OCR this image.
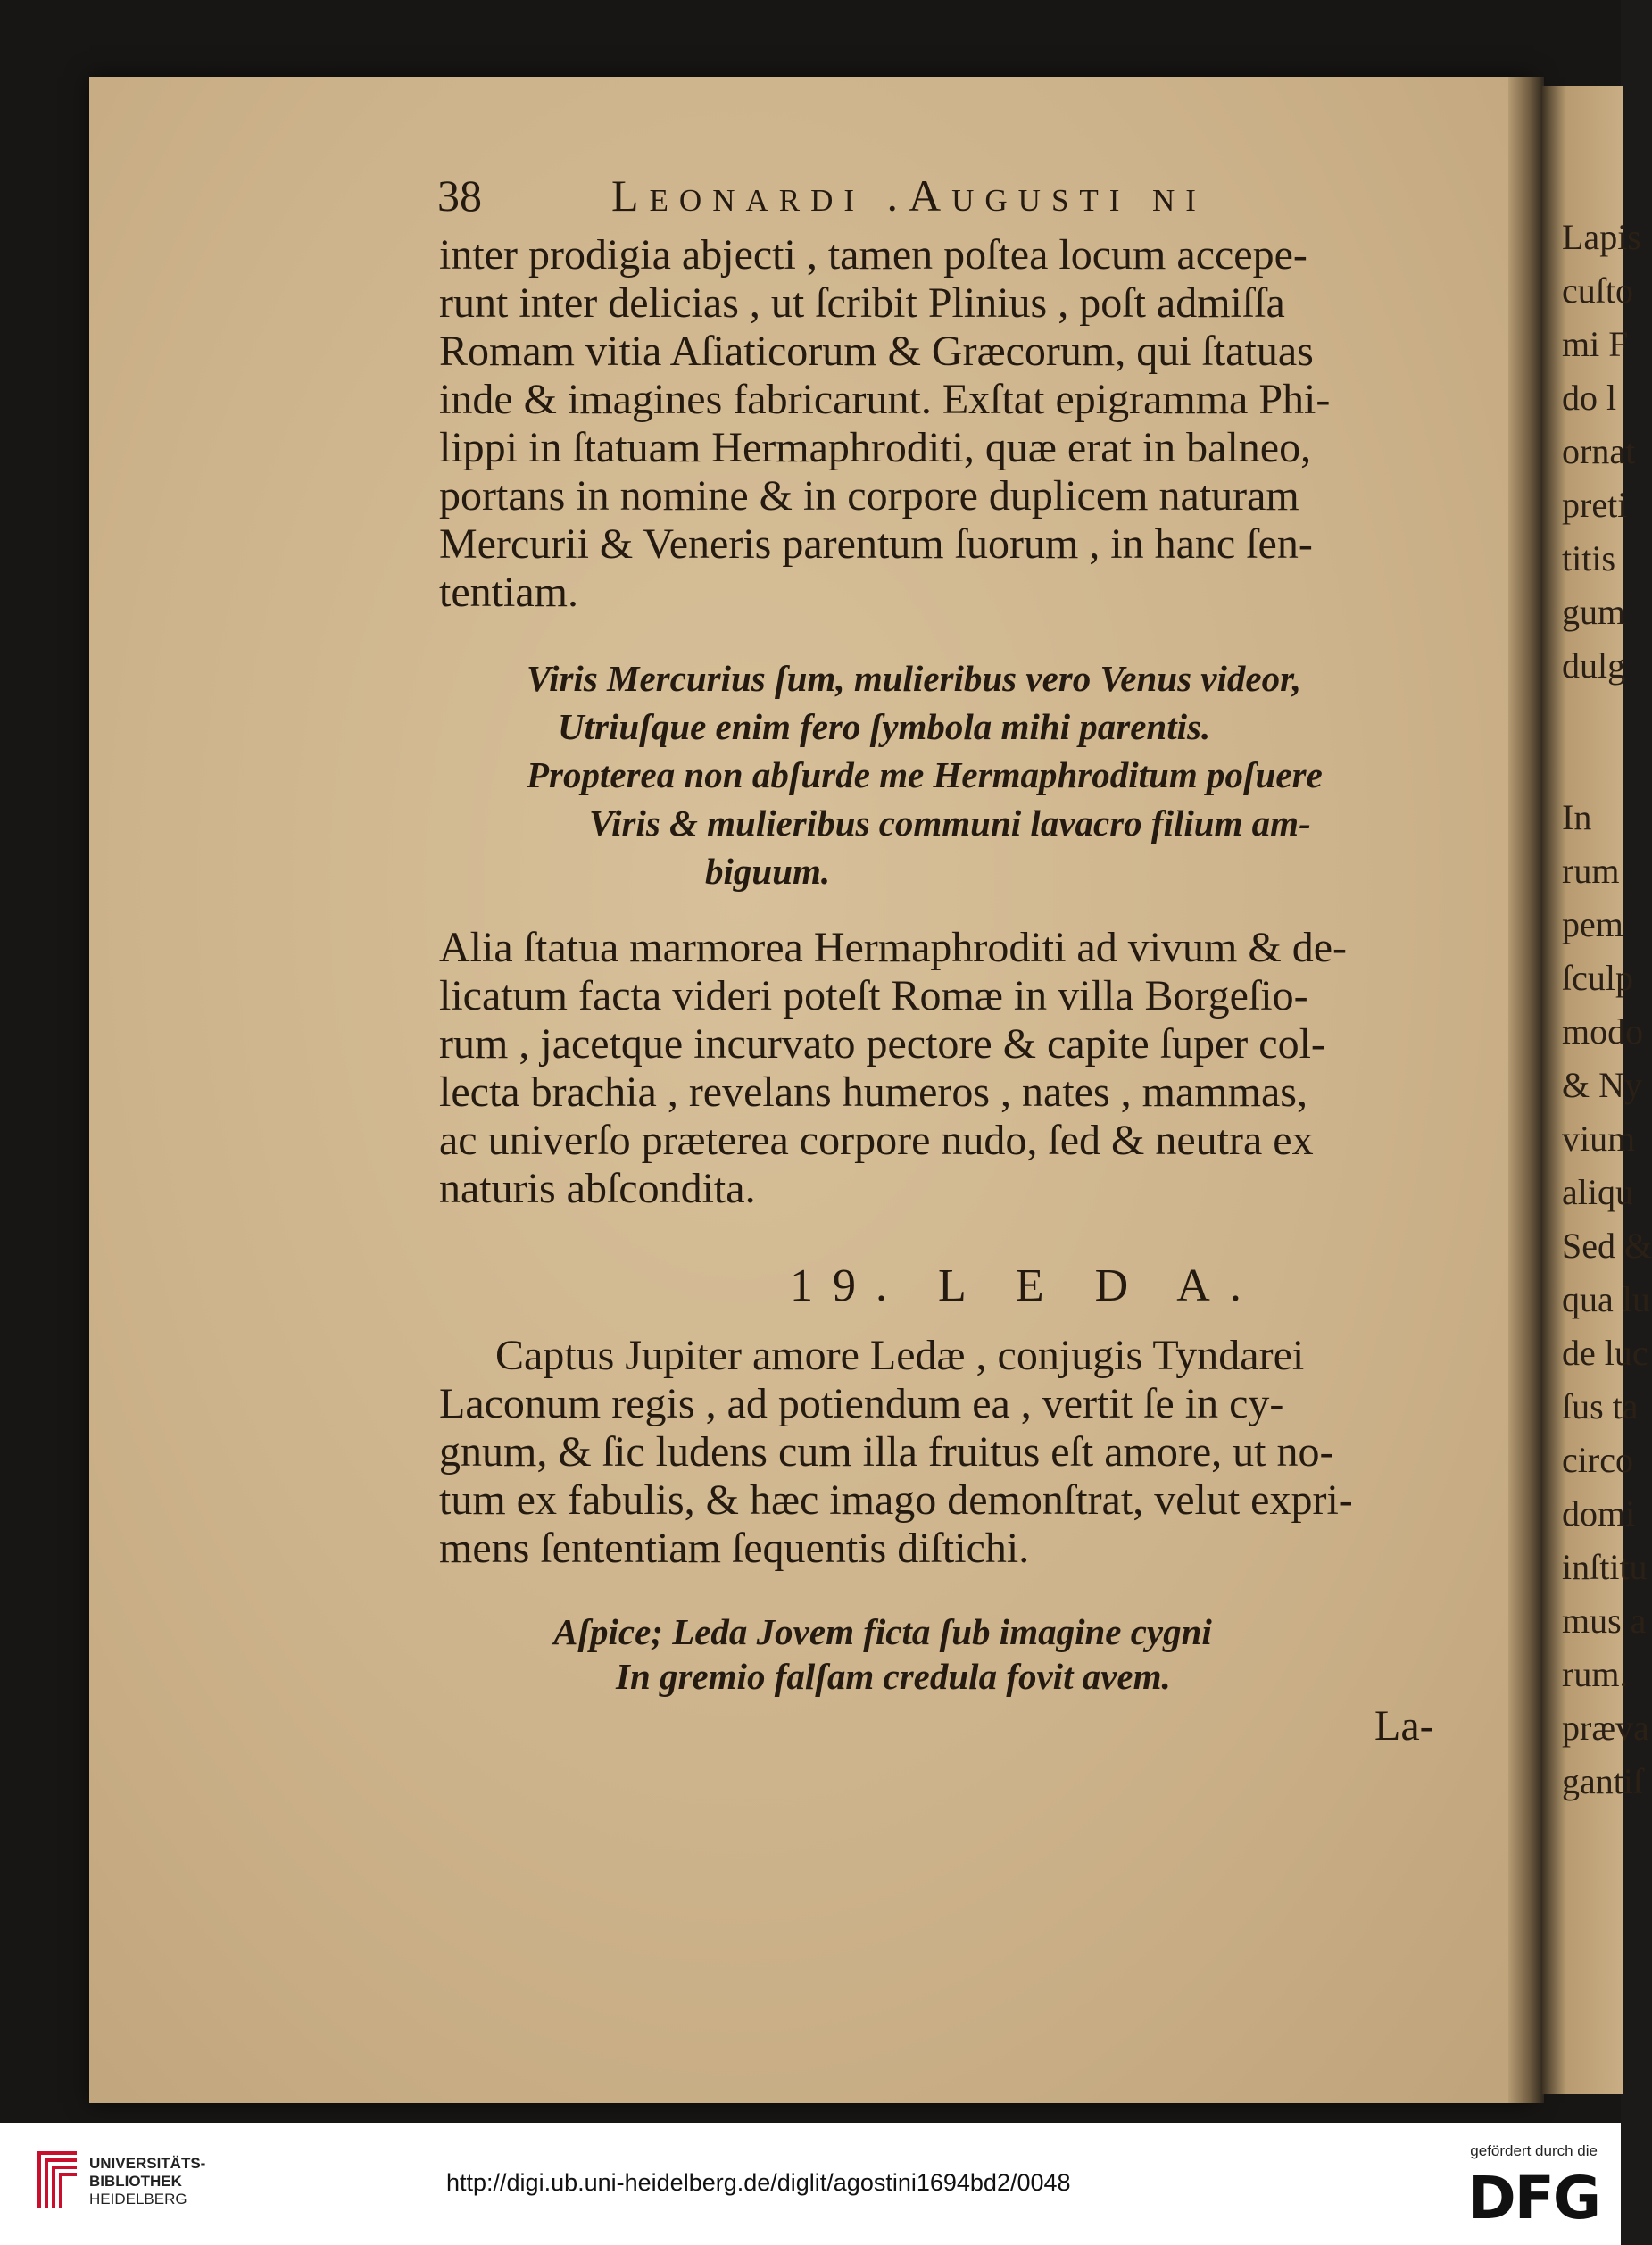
Lapis
cuſto
mi F
do l
ornat
preti
titis
gum
dulg
In
rum
pem
ſculp
modo
& Ny
vium
aliqu
Sed &
qua lu
de luc
ſus ta
circo
domi
inſtitu
mus a
rum.
præva
gantiſ
38	Leonardi .Augusti ni
inter prodigia abjecti , tamen poſtea locum accepe-
runt inter delicias , ut ſcribit Plinius , poſt admiſſa
Romam vitia Aſiaticorum & Græcorum, qui ſtatuas
inde & imagines fabricarunt. Exſtat epigramma Phi-
lippi in ſtatuam Hermaphroditi, quæ erat in balneo,
portans in nomine & in corpore duplicem naturam
Mercurii & Veneris parentum ſuorum , in hanc ſen-
tentiam.
Viris Mercurius ſum, mulieribus vero Venus videor,
Utriuſque enim fero ſymbola mihi parentis.
Propterea non abſurde me Hermaphroditum poſuere
Viris & mulieribus communi lavacro filium am-
biguum.
Alia ſtatua marmorea Hermaphroditi ad vivum & de-
licatum facta videri poteſt Romæ in villa Borgeſio-
rum , jacetque incurvato pectore & capite ſuper col-
lecta brachia , revelans humeros , nates , mammas,
ac univerſo præterea corpore nudo, ſed & neutra ex
naturis abſcondita.
19. L E D A.
Captus Jupiter amore Ledæ , conjugis Tyndarei
Laconum regis , ad potiendum ea , vertit ſe in cy-
gnum, & ſic ludens cum illa fruitus eſt amore, ut no-
tum ex fabulis, & hæc imago demonſtrat, velut expri-
mens ſententiam ſequentis diſtichi.
Aſpice; Leda Jovem ficta ſub imagine cygni
In gremio falſam credula fovit avem.
La-
UNIVERSITÄTS-
BIBLIOTHEK
HEIDELBERG
http://digi.ub.uni-heidelberg.de/diglit/agostini1694bd2/0048
gefördert durch die
DFG
